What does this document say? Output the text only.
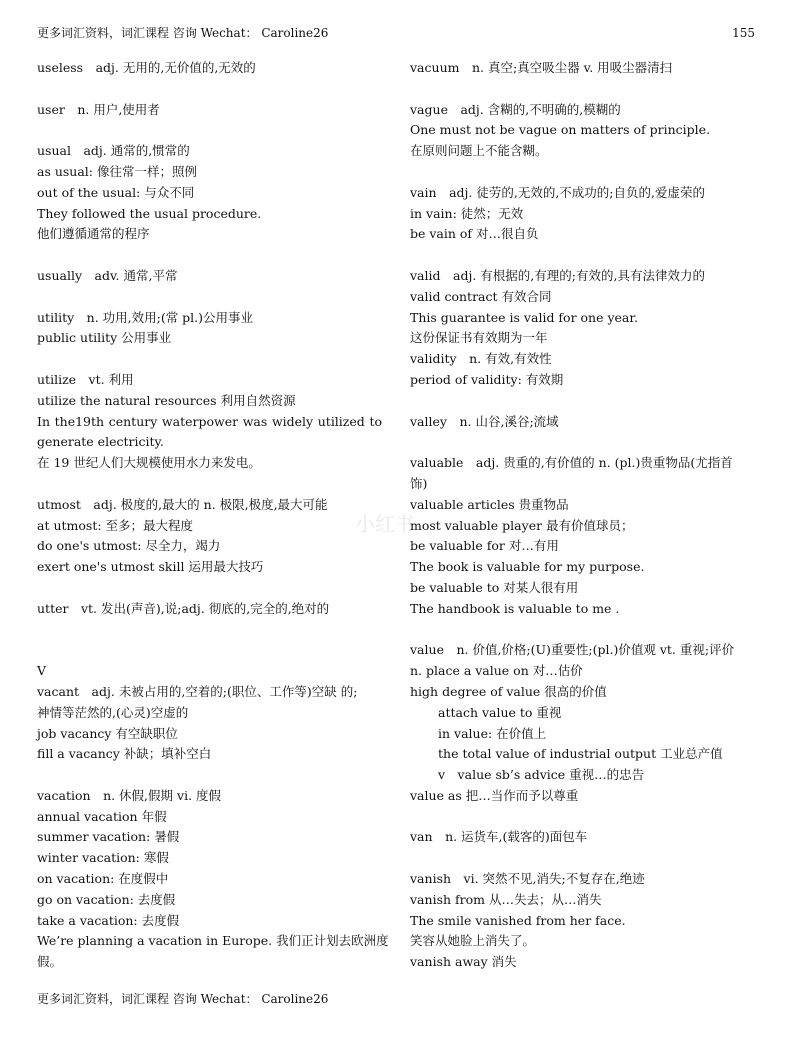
更多词汇资料，词汇课程 咨询 Wechat： Caroline26	155
小红书
useless　adj. 无用的,无价值的,无效的
user　n. 用户,使用者
usual　adj. 通常的,惯常的
as usual: 像往常一样；照例
out of the usual: 与众不同
They followed the usual procedure.
他们遵循通常的程序
usually　adv. 通常,平常
utility　n. 功用,效用;(常 pl.)公用事业
public utility 公用事业
utilize　vt. 利用
utilize the natural resources 利用自然资源
In the19th century waterpower was widely utilized to
generate electricity.
在 19 世纪人们大规模使用水力来发电。
utmost　adj. 极度的,最大的 n. 极限,极度,最大可能
at utmost: 至多；最大程度
do one's utmost: 尽全力，竭力
exert one's utmost skill 运用最大技巧
utter　vt. 发出(声音),说;adj. 彻底的,完全的,绝对的
V
vacant　adj. 未被占用的,空着的;(职位、工作等)空缺 的;
神情等茫然的,(心灵)空虚的
job vacancy 有空缺职位
fill a vacancy 补缺；填补空白
vacation　n. 休假,假期 vi. 度假
annual vacation 年假
summer vacation: 暑假
winter vacation: 寒假
on vacation: 在度假中
go on vacation: 去度假
take a vacation: 去度假
We’re planning a vacation in Europe. 我们正计划去欧洲度
假。
vacuum　n. 真空;真空吸尘器 v. 用吸尘器清扫
vague　adj. 含糊的,不明确的,模糊的
One must not be vague on matters of principle.
在原则问题上不能含糊。
vain　adj. 徒劳的,无效的,不成功的;自负的,爱虚荣的
in vain: 徒然；无效
be vain of 对…很自负
valid　adj. 有根据的,有理的;有效的,具有法律效力的
valid contract 有效合同
This guarantee is valid for one year.
这份保证书有效期为一年
validity　n. 有效,有效性
period of validity: 有效期
valley　n. 山谷,溪谷;流域
valuable　adj. 贵重的,有价值的 n. (pl.)贵重物品(尤指首
饰)
valuable articles 贵重物品
most valuable player 最有价值球员；
be valuable for 对…有用
The book is valuable for my purpose.
be valuable to 对某人很有用
The handbook is valuable to me .
value　n. 价值,价格;(U)重要性;(pl.)价值观 vt. 重视;评价
n. place a value on 对…估价
high degree of value 很高的价值
attach value to 重视
in value: 在价值上
the total value of industrial output 工业总产值
v　value sb’s advice 重视…的忠告
value as 把…当作而予以尊重
van　n. 运货车,(载客的)面包车
vanish　vi. 突然不见,消失;不复存在,绝迹
vanish from 从…失去；从…消失
The smile vanished from her face.
笑容从她脸上消失了。
vanish away 消失
更多词汇资料，词汇课程 咨询 Wechat： Caroline26
